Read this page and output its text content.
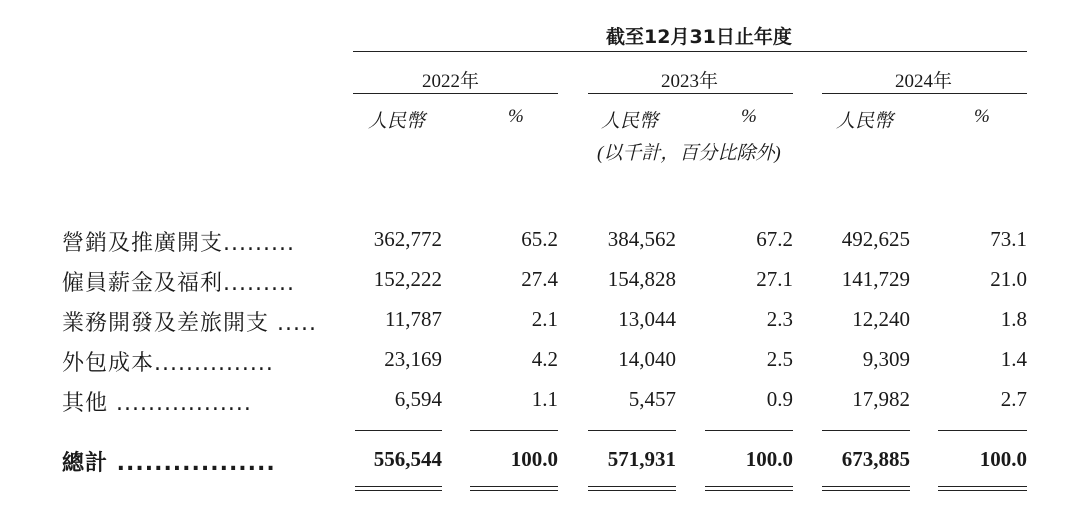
截至12月31日止年度
2022年	2023年	2024年
人民幣	%	人民幣	%	人民幣	%
(以千計，百分比除外)
營銷及推廣開支.........	362,772	65.2 384,562	67.2 492,625	73.1
僱員薪金及福利.........	152,222	27.4 154,828	27.1 141,729	21.0
業務開發及差旅開支 .....	11,787	2.1	13,044	2.3	12,240	1.8
外包成本...............	23,169	4.2	14,040	2.5	9,309	1.4
其他 .................	6,594	1.1	5,457	0.9	17,982	2.7
總計 .................	556,544	100.0 571,931	100.0 673,885	100.0
